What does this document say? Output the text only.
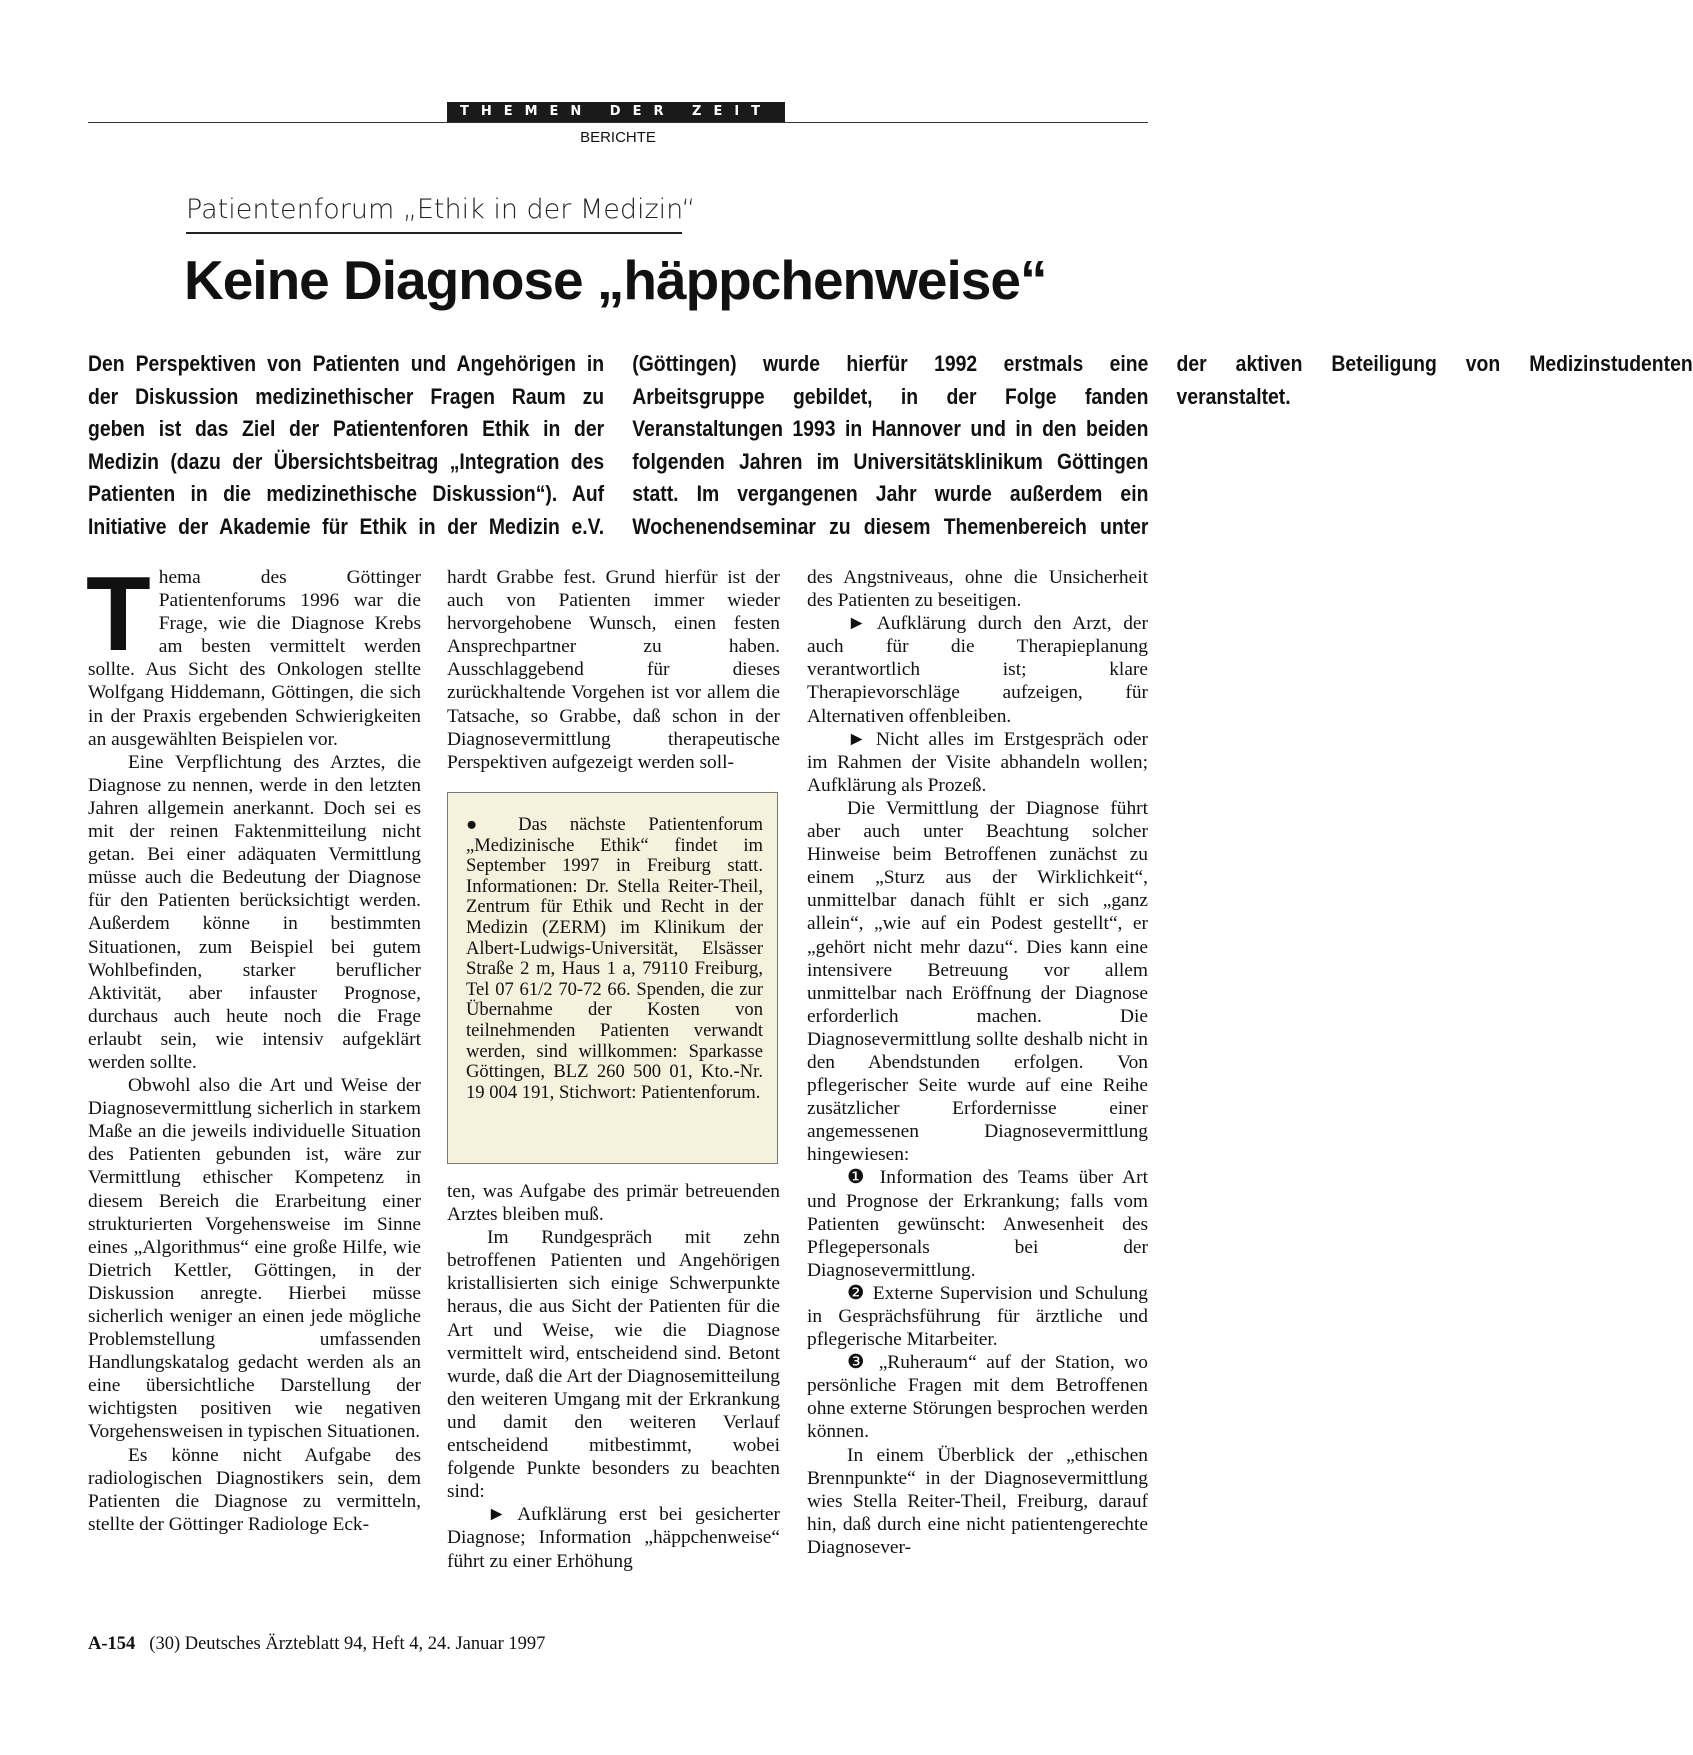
THEMEN DER ZEIT
BERICHTE
Patientenforum „Ethik in der Medizin“
Keine Diagnose „häppchenweise“
Den Perspektiven von Patienten und Angehörigen in der Diskussion medizinethischer Fragen Raum zu geben ist das Ziel der Patientenforen Ethik in der Medizin (dazu der Übersichtsbeitrag „Integration des Patienten in die medizinethische Diskussion“). Auf Initiative der Akademie für Ethik in der Medizin e.V. (Göttingen) wurde hierfür 1992 erstmals eine Arbeitsgruppe gebildet, in der Folge fanden Veranstaltungen 1993 in Hannover und in den beiden folgenden Jahren im Universitätsklinikum Göttingen statt. Im vergangenen Jahr wurde außerdem ein Wochenendseminar zu diesem Themenbereich unter der aktiven Beteiligung von Medizinstudenten veranstaltet.

Thema des Göttinger Patientenforums 1996 war die Frage, wie die Diagnose Krebs am besten vermittelt werden sollte. Aus Sicht des Onkologen stellte Wolfgang Hiddemann, Göttingen, die sich in der Praxis ergebenden Schwierigkeiten an ausgewählten Beispielen vor.

Eine Verpflichtung des Arztes, die Diagnose zu nennen, werde in den letzten Jahren allgemein anerkannt. Doch sei es mit der reinen Faktenmitteilung nicht getan. Bei einer adäquaten Vermittlung müsse auch die Bedeutung der Diagnose für den Patienten berücksichtigt werden. Außerdem könne in bestimmten Situationen, zum Beispiel bei gutem Wohlbefinden, starker beruflicher Aktivität, aber infauster Prognose, durchaus auch heute noch die Frage erlaubt sein, wie intensiv aufgeklärt werden sollte.

Obwohl also die Art und Weise der Diagnosevermittlung sicherlich in starkem Maße an die jeweils individuelle Situation des Patienten gebunden ist, wäre zur Vermittlung ethischer Kompetenz in diesem Bereich die Erarbeitung einer strukturierten Vorgehensweise im Sinne eines „Algorithmus“ eine große Hilfe, wie Dietrich Kettler, Göttingen, in der Diskussion anregte. Hierbei müsse sicherlich weniger an einen jede mögliche Problemstellung umfassenden Handlungskatalog gedacht werden als an eine übersichtliche Darstellung der wichtigsten positiven wie negativen Vorgehensweisen in typischen Situationen.

Es könne nicht Aufgabe des radiologischen Diagnostikers sein, dem Patienten die Diagnose zu vermitteln, stellte der Göttinger Radiologe Eck-

hardt Grabbe fest. Grund hierfür ist der auch von Patienten immer wieder hervorgehobene Wunsch, einen festen Ansprechpartner zu haben. Ausschlaggebend für dieses zurückhaltende Vorgehen ist vor allem die Tatsache, so Grabbe, daß schon in der Diagnosevermittlung therapeutische Perspektiven aufgezeigt werden soll-

● Das nächste Patientenforum „Medizinische Ethik“ findet im September 1997 in Freiburg statt. Informationen: Dr. Stella Reiter-Theil, Zentrum für Ethik und Recht in der Medizin (ZERM) im Klinikum der Albert-Ludwigs-Universität, Elsässer Straße 2 m, Haus 1 a, 79110 Freiburg, Tel 07 61/2 70-72 66. Spenden, die zur Übernahme der Kosten von teilnehmenden Patienten verwandt werden, sind willkommen: Sparkasse Göttingen, BLZ 260 500 01, Kto.-Nr. 19 004 191, Stichwort: Patientenforum.

ten, was Aufgabe des primär betreuenden Arztes bleiben muß.

Im Rundgespräch mit zehn betroffenen Patienten und Angehörigen kristallisierten sich einige Schwerpunkte heraus, die aus Sicht der Patienten für die Art und Weise, wie die Diagnose vermittelt wird, entscheidend sind. Betont wurde, daß die Art der Diagnosemitteilung den weiteren Umgang mit der Erkrankung und damit den weiteren Verlauf entscheidend mitbestimmt, wobei folgende Punkte besonders zu beachten sind:

► Aufklärung erst bei gesicherter Diagnose; Information „häppchenweise“ führt zu einer Erhöhung

des Angstniveaus, ohne die Unsicherheit des Patienten zu beseitigen.

► Aufklärung durch den Arzt, der auch für die Therapieplanung verantwortlich ist; klare Therapievorschläge aufzeigen, für Alternativen offenbleiben.

► Nicht alles im Erstgespräch oder im Rahmen der Visite abhandeln wollen; Aufklärung als Prozeß.

Die Vermittlung der Diagnose führt aber auch unter Beachtung solcher Hinweise beim Betroffenen zunächst zu einem „Sturz aus der Wirklichkeit“, unmittelbar danach fühlt er sich „ganz allein“, „wie auf ein Podest gestellt“, er „gehört nicht mehr dazu“. Dies kann eine intensivere Betreuung vor allem unmittelbar nach Eröffnung der Diagnose erforderlich machen. Die Diagnosevermittlung sollte deshalb nicht in den Abendstunden erfolgen. Von pflegerischer Seite wurde auf eine Reihe zusätzlicher Erfordernisse einer angemessenen Diagnosevermittlung hingewiesen:

❶ Information des Teams über Art und Prognose der Erkrankung; falls vom Patienten gewünscht: Anwesenheit des Pflegepersonals bei der Diagnosevermittlung.

❷ Externe Supervision und Schulung in Gesprächsführung für ärztliche und pflegerische Mitarbeiter.

❸ „Ruheraum“ auf der Station, wo persönliche Fragen mit dem Betroffenen ohne externe Störungen besprochen werden können.

In einem Überblick der „ethischen Brennpunkte“ in der Diagnosevermittlung wies Stella Reiter-Theil, Freiburg, darauf hin, daß durch eine nicht patientengerechte Diagnosever-

A-154 (30) Deutsches Ärzteblatt 94, Heft 4, 24. Januar 1997
